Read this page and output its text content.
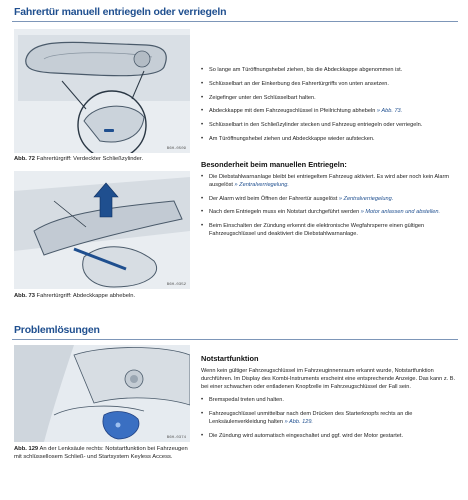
Fahrertür manuell entriegeln oder verriegeln
B6H-0509
Abb. 72 Fahrertürgriff: Verdeckter Schließzylinder.
B6H-0352
Abb. 73 Fahrertürgriff: Abdeckkappe abhebeln.
• So lange am Türöffnungshebel ziehen, bis die Abdeckkappe abgenommen ist.
• Schlüsselbart an der Einkerbung des Fahrertürgriffs von unten ansetzen.
• Zeigefinger unter den Schlüsselbart halten.
• Abdeckkappe mit dem Fahrzeugschlüssel in Pfeilrichtung abhebeln » Abb. 73.
• Schlüsselbart in den Schließzylinder stecken und Fahrzeug entriegeln oder verriegeln.
• Am Türöffnungshebel ziehen und Abdeckkappe wieder aufstecken.
Besonderheit beim manuellen Entriegeln:
• Die Diebstahlwarnanlage bleibt bei entriegeltem Fahrzeug aktiviert. Es wird aber noch kein Alarm ausgelöst » Zentralverriegelung.
• Der Alarm wird beim Öffnen der Fahrertür ausgelöst » Zentralverriegelung.
• Nach dem Entriegeln muss ein Notstart durchgeführt werden » Motor anlassen und abstellen.
• Beim Einschalten der Zündung erkennt die elektronische Wegfahrsperre einen gültigen Fahrzeugschlüssel und deaktiviert die Diebstahlwarnanlage.
Problemlösungen
B6H-0374
Abb. 129 An der Lenksäule rechts: Notstartfunktion bei Fahrzeugen mit schlüssellosem Schließ- und Startsystem Keyless Access.
Notstartfunktion
Wenn kein gültiger Fahrzeugschlüssel im Fahrzeuginnenraum erkannt wurde, Notstartfunktion durchführen. Im Display des Kombi-Instruments erscheint eine entsprechende Anzeige. Das kann z. B. bei einer schwachen oder entladenen Knopfzelle im Fahrzeugschlüssel der Fall sein.
• Bremspedal treten und halten.
• Fahrzeugschlüssel unmittelbar nach dem Drücken des Starterknopfs rechts an die Lenksäulenverkleidung halten » Abb. 129.
• Die Zündung wird automatisch eingeschaltet und ggf. wird der Motor gestartet.
